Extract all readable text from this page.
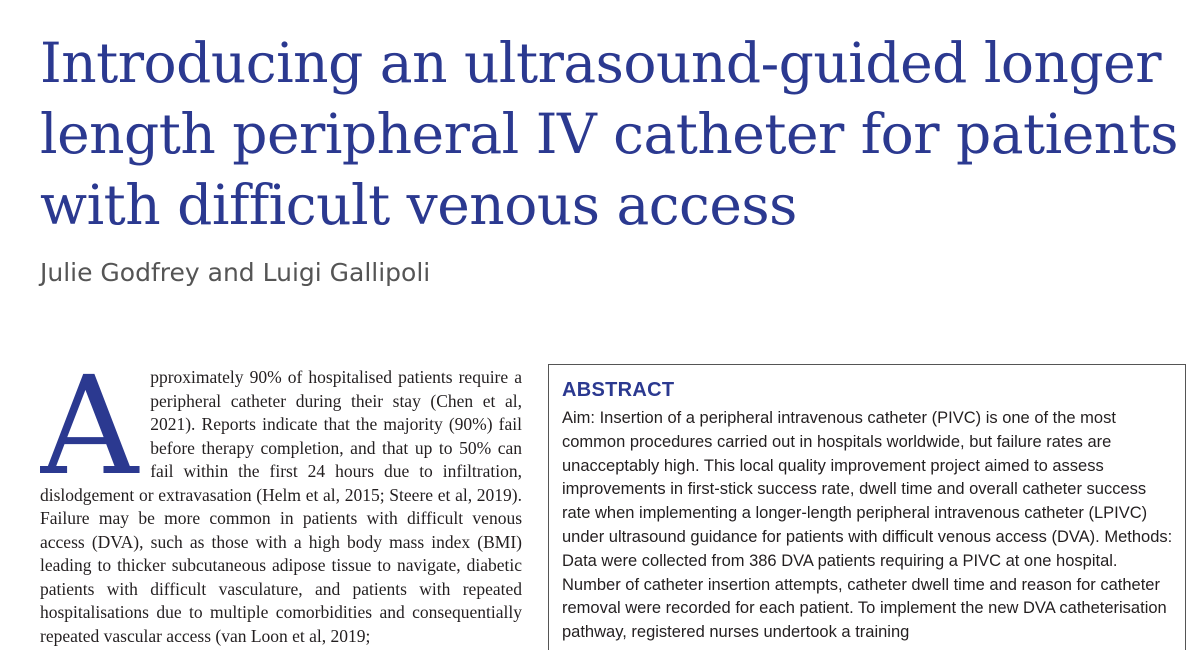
Introducing an ultrasound-guided longer length peripheral IV catheter for patients with difficult venous access

Julie Godfrey and Luigi Gallipoli

A pproximately 90% of hospitalised patients require a peripheral catheter during their stay (Chen et al, 2021). Reports indicate that the majority (90%) fail before therapy completion, and that up to 50% can fail within the first 24 hours due to infiltration, dislodgement or extravasation (Helm et al, 2015; Steere et al, 2019). Failure may be more common in patients with difficult venous access (DVA), such as those with a high body mass index (BMI) leading to thicker subcutaneous adipose tissue to navigate, diabetic patients with difficult vasculature, and patients with repeated hospitalisations due to multiple comorbidities and consequentially repeated vascular access (van Loon et al, 2019;
ABSTRACT

Aim: Insertion of a peripheral intravenous catheter (PIVC) is one of the most common procedures carried out in hospitals worldwide, but failure rates are unacceptably high. This local quality improvement project aimed to assess improvements in first-stick success rate, dwell time and overall catheter success rate when implementing a longer-length peripheral intravenous catheter (LPIVC) under ultrasound guidance for patients with difficult venous access (DVA). Methods: Data were collected from 386 DVA patients requiring a PIVC at one hospital. Number of catheter insertion attempts, catheter dwell time and reason for catheter removal were recorded for each patient. To implement the new DVA catheterisation pathway, registered nurses undertook a training
